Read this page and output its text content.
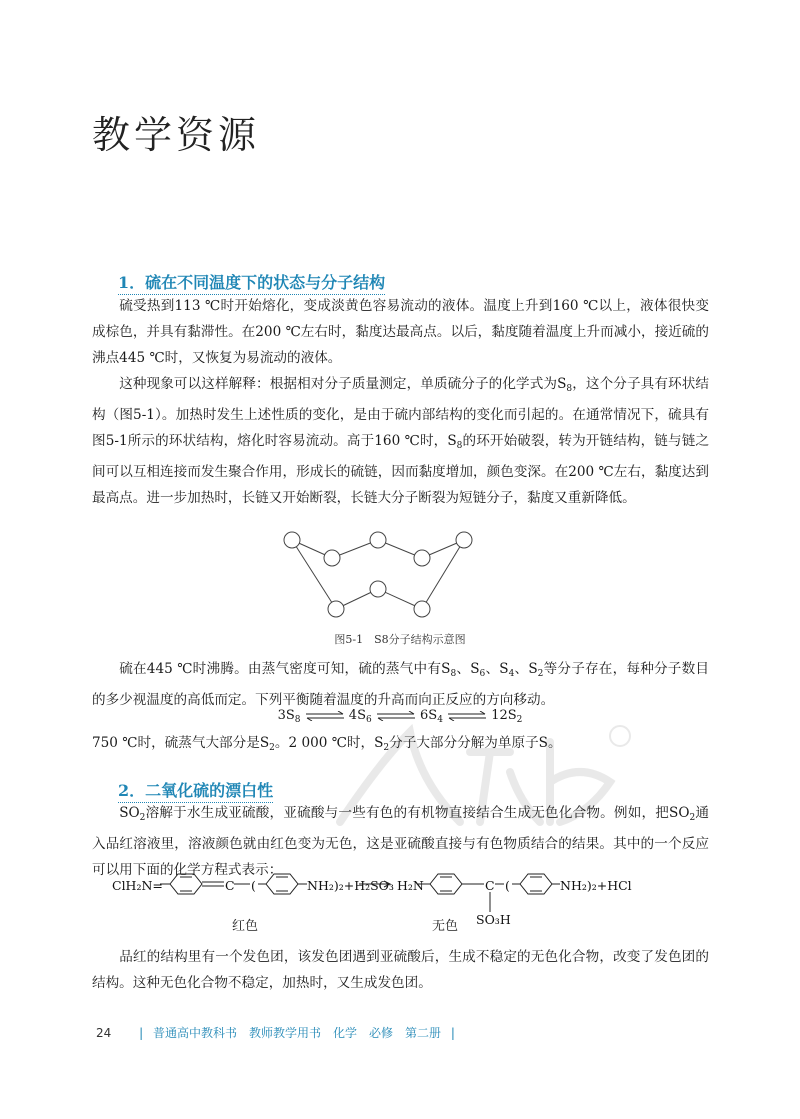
教学资源
1．硫在不同温度下的状态与分子结构
硫受热到113 ℃时开始熔化，变成淡黄色容易流动的液体。温度上升到160 ℃以上，液体很快变成棕色，并具有黏滞性。在200 ℃左右时，黏度达最高点。以后，黏度随着温度上升而减小，接近硫的沸点445 ℃时，又恢复为易流动的液体。
这种现象可以这样解释：根据相对分子质量测定，单质硫分子的化学式为$S_8$，这个分子具有环状结构（图5-1）。加热时发生上述性质的变化，是由于硫内部结构的变化而引起的。在通常情况下，硫具有图5-1所示的环状结构，熔化时容易流动。高于160 ℃时，$S_8$的环开始破裂，转为开链结构，链与链之间可以互相连接而发生聚合作用，形成长的硫链，因而黏度增加，颜色变深。在200 ℃左右，黏度达到最高点。进一步加热时，长链又开始断裂，长链大分子断裂为短链分子，黏度又重新降低。
图5-1　S8分子结构示意图
硫在445 ℃时沸腾。由蒸气密度可知，硫的蒸气中有$S_8$、$S_6$、$S_4$、$S_2$等分子存在，每种分子数目的多少视温度的高低而定。下列平衡随着温度的升高而向正反应的方向移动。
$3S_8$ ⇌ $4S_6$ ⇌ $6S_4$ ⇌ $12S_2$
750 ℃时，硫蒸气大部分是$S_2$。2 000 ℃时，$S_2$分子大部分分解为单原子S。
2．二氧化硫的漂白性
$SO_2$溶解于水生成亚硫酸，亚硫酸与一些有色的有机物直接结合生成无色化合物。例如，把$SO_2$通入品红溶液里，溶液颜色就由红色变为无色，这是亚硫酸直接与有色物质结合的结果。其中的一个反应可以用下面的化学方程式表示：
ClH₂N=	C (	NH₂)₂+H₂SO₃ H₂N	C (	NH₂)₂+HCl
SO₃H
红色	无色
品红的结构里有一个发色团，该发色团遇到亚硫酸后，生成不稳定的无色化合物，改变了发色团的结构。这种无色化合物不稳定，加热时，又生成发色团。
24 | 普通高中教科书　教师教学用书　化学　必修　第二册 |
